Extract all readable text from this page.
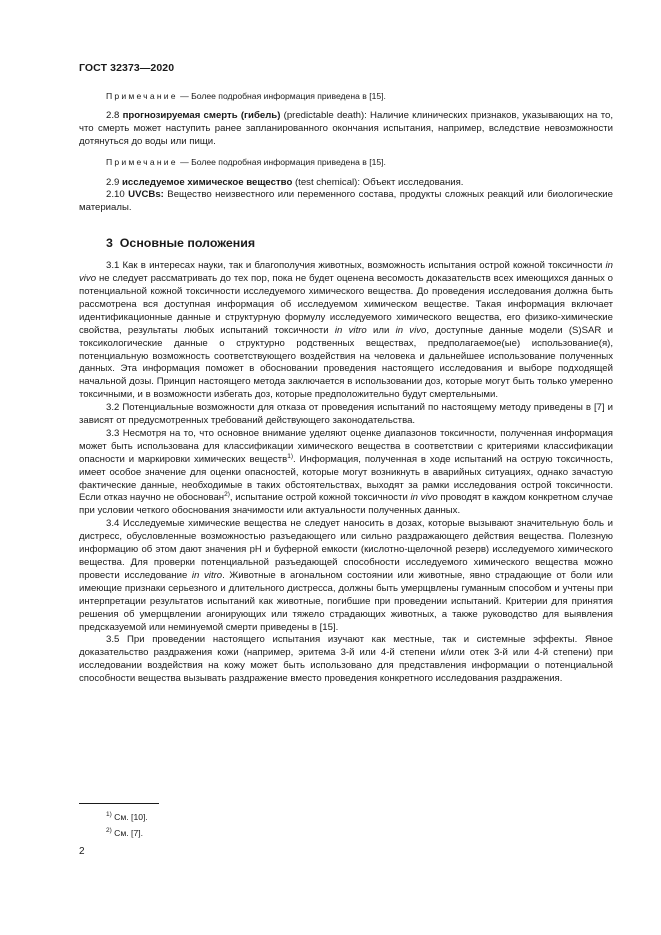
ГОСТ 32373—2020

Примечание — Более подробная информация приведена в [15].

2.8 прогнозируемая смерть (гибель) (predictable death): Наличие клинических признаков, указывающих на то, что смерть может наступить ранее запланированного окончания испытания, например, вследствие невозможности дотянуться до воды или пищи.

Примечание — Более подробная информация приведена в [15].

2.9 исследуемое химическое вещество (test chemical): Объект исследования.

2.10 UVCBs: Вещество неизвестного или переменного состава, продукты сложных реакций или биологические материалы.

3 Основные положения

3.1 Как в интересах науки, так и благополучия животных, возможность испытания острой кожной токсичности in vivo не следует рассматривать до тех пор, пока не будет оценена весомость доказательств всех имеющихся данных о потенциальной кожной токсичности исследуемого химического вещества. До проведения исследования должна быть рассмотрена вся доступная информация об исследуемом химическом веществе. Такая информация включает идентификационные данные и структурную формулу исследуемого химического вещества, его физико-химические свойства, результаты любых испытаний токсичности in vitro или in vivo, доступные данные модели (S)SAR и токсикологические данные о структурно родственных веществах, предполагаемое(ые) использование(я), потенциальную возможность соответствующего воздействия на человека и дальнейшее использование полученных данных. Эта информация поможет в обосновании проведения настоящего исследования и выборе подходящей начальной дозы. Принцип настоящего метода заключается в использовании доз, которые могут быть только умеренно токсичными, и в возможности избегать доз, которые предположительно будут смертельными.

3.2 Потенциальные возможности для отказа от проведения испытаний по настоящему методу приведены в [7] и зависят от предусмотренных требований действующего законодательства.

3.3 Несмотря на то, что основное внимание уделяют оценке диапазонов токсичности, полученная информация может быть использована для классификации химического вещества в соответствии с критериями классификации опасности и маркировки химических веществ$^{1)}$. Информация, полученная в ходе испытаний на острую токсичность, имеет особое значение для оценки опасностей, которые могут возникнуть в аварийных ситуациях, однако зачастую фактические данные, необходимые в таких обстоятельствах, выходят за рамки исследования острой токсичности. Если отказ научно не обоснован$^{2)}$, испытание острой кожной токсичности in vivo проводят в каждом конкретном случае при условии четкого обоснования значимости или актуальности полученных данных.

3.4 Исследуемые химические вещества не следует наносить в дозах, которые вызывают значительную боль и дистресс, обусловленные возможностью разъедающего или сильно раздражающего действия вещества. Полезную информацию об этом дают значения pH и буферной емкости (кислотно-щелочной резерв) исследуемого химического вещества. Для проверки потенциальной разъедающей способности исследуемого химического вещества можно провести исследование in vitro. Животные в агональном состоянии или животные, явно страдающие от боли или имеющие признаки серьезного и длительного дистресса, должны быть умерщвлены гуманным способом и учтены при интерпретации результатов испытаний как животные, погибшие при проведении испытаний. Критерии для принятия решения об умерщвлении агонирующих или тяжело страдающих животных, а также руководство для выявления предсказуемой или неминуемой смерти приведены в [15].

3.5 При проведении настоящего испытания изучают как местные, так и системные эффекты. Явное доказательство раздражения кожи (например, эритема 3-й или 4-й степени и/или отек 3-й или 4-й степени) при исследовании воздействия на кожу может быть использовано для представления информации о потенциальной способности вещества вызывать раздражение вместо проведения конкретного исследования раздражения.

$^{1)}$ См. [10].
$^{2)}$ См. [7].
2
